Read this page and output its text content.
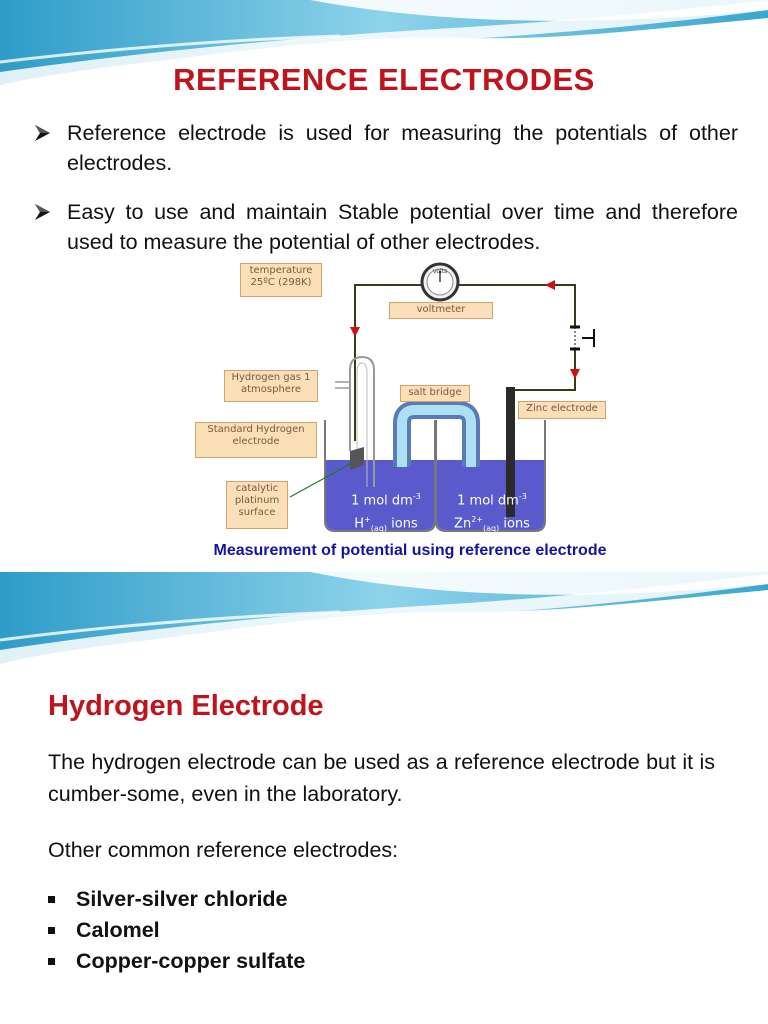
REFERENCE ELECTRODES
Reference electrode is used for measuring the potentials of other electrodes.
Easy to use and maintain Stable potential over time and therefore used to measure the potential of other electrodes.
temperature 25ºC (298K)
voltmeter
volts
Hydrogen gas 1 atmosphere	salt bridge
Zinc electrode
Standard Hydrogen electrode
catalytic platinum surface
1 mol $dm^{-3}$
$H^+_{(aq)}$ ions
1 mol $dm^{-3}$
$Zn^{2+}_{(aq)}$ ions
Measurement of potential using reference electrode
Hydrogen Electrode
The hydrogen electrode can be used as a reference electrode but it is cumber-some, even in the laboratory.
Other common reference electrodes:
Silver-silver chloride
Calomel
Copper-copper sulfate
